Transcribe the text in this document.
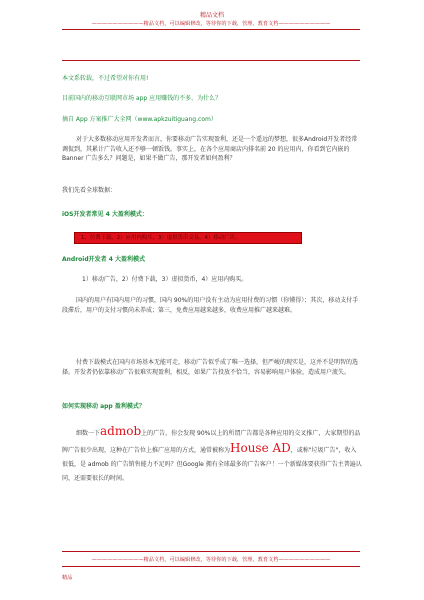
精品文档
——————————精品文档，可以编辑修改，等待你的下载，管理，教育文档——————————
本文系转载，不过希望对你有用!
目前国内的移动互联网市场 app 应用赚钱的不多，为什么？
摘自 App 方案推广大全网（www.apkzuitiguang.com）
对于大多数移动应用开发者而言，你要移动广告实现盈利，还是一个遥远的梦想，很多Android开发者经常调侃到，其累计广告收入还不够一顿饭钱。事实上，在各个应用商店内排名前 20 的应用内，你看到它内嵌的 Banner 广告多么？问题是，如果不做广告，那开发者如何盈利？
我们先看全球数据：
iOS开发者常见 4 大盈利模式：
1、付费下载，2）应用内购买，3）虚拟货币交易，4）移动广告。
Android开发者 4 大盈利模式
1）移动广告，2）付费下载，3）虚拟货币，4）应用内购买。
国内的用户有国内用户的习惯，国内 90%的用户没有主动为应用付费的习惯（你懂得）；其次，移动支付手段滞后，用户的支付习惯尚未养成；第三，免费应用越来越多，收费应用推广越来越难。
付费下载模式在国内市场基本无能可走，移动广告似乎成了唯一选择，但严峻的现实是，这并不是明智的选择。开发者仍依靠移动广告很难实现盈利，相反，如果广告投放不恰当，容易影响用户体验，造成用户流失。
如何实现移动 app 盈利模式？
细数一下admob上的广告，你会发现 90%以上的所谓广告都是各种应用的交叉推广，大家期望的品牌广告很少出现，这种在广告位上推广应用的方式，通常被称为House AD，或称"垃圾广告"，收入很低，是 admob 的广告销售能力不足吗？但Google 拥有全球最多的广告客户！一个新媒体要获得广告主普遍认同，还需要很长的时间。
——————————精品文档，可以编辑修改，等待你的下载，管理，教育文档——————————
精品
